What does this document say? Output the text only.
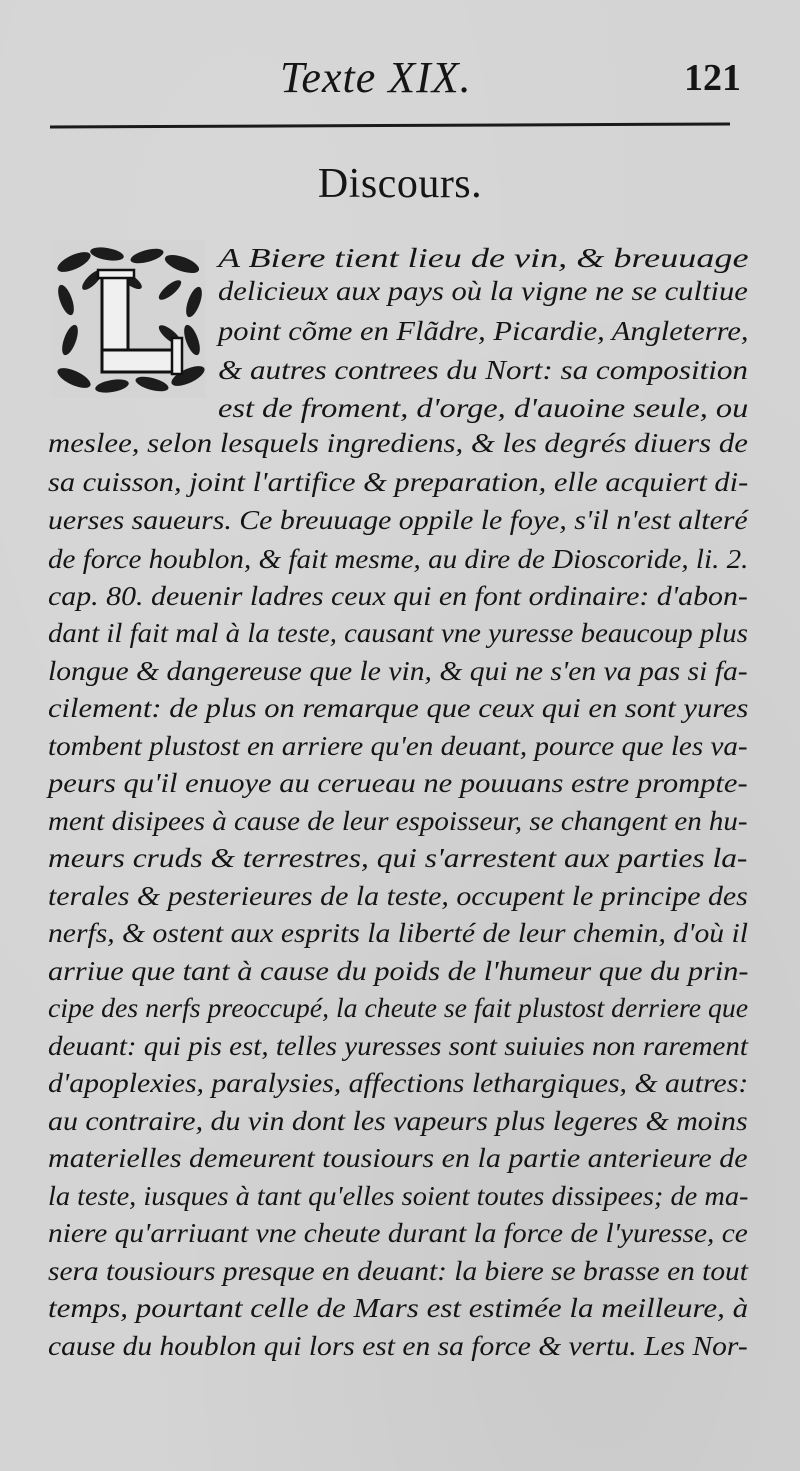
Texte XIX.	121
Discours.
A Biere tient lieu de vin, & breuuage
delicieux aux pays où la vigne ne se cultiue
point cõme en Flãdre, Picardie, Angleterre,
& autres contrees du Nort: sa composition
est de froment, d'orge, d'auoine seule, ou
meslee, selon lesquels ingrediens, & les degrés diuers de
sa cuisson, joint l'artifice & preparation, elle acquiert di-
uerses saueurs. Ce breuuage oppile le foye, s'il n'est alteré
de force houblon, & fait mesme, au dire de Dioscoride, li. 2.
cap. 80. deuenir ladres ceux qui en font ordinaire: d'abon-
dant il fait mal à la teste, causant vne yuresse beaucoup plus
longue & dangereuse que le vin, & qui ne s'en va pas si fa-
cilement: de plus on remarque que ceux qui en sont yures
tombent plustost en arriere qu'en deuant, pource que les va-
peurs qu'il enuoye au cerueau ne pouuans estre prompte-
ment disipees à cause de leur espoisseur, se changent en hu-
meurs cruds & terrestres, qui s'arrestent aux parties la-
terales & pesterieures de la teste, occupent le principe des
nerfs, & ostent aux esprits la liberté de leur chemin, d'où il
arriue que tant à cause du poids de l'humeur que du prin-
cipe des nerfs preoccupé, la cheute se fait plustost derriere que
deuant: qui pis est, telles yuresses sont suiuies non rarement
d'apoplexies, paralysies, affections lethargiques, & autres:
au contraire, du vin dont les vapeurs plus legeres & moins
materielles demeurent tousiours en la partie anterieure de
la teste, iusques à tant qu'elles soient toutes dissipees; de ma-
niere qu'arriuant vne cheute durant la force de l'yuresse, ce
sera tousiours presque en deuant: la biere se brasse en tout
temps, pourtant celle de Mars est estimée la meilleure, à
cause du houblon qui lors est en sa force & vertu. Les Nor-
